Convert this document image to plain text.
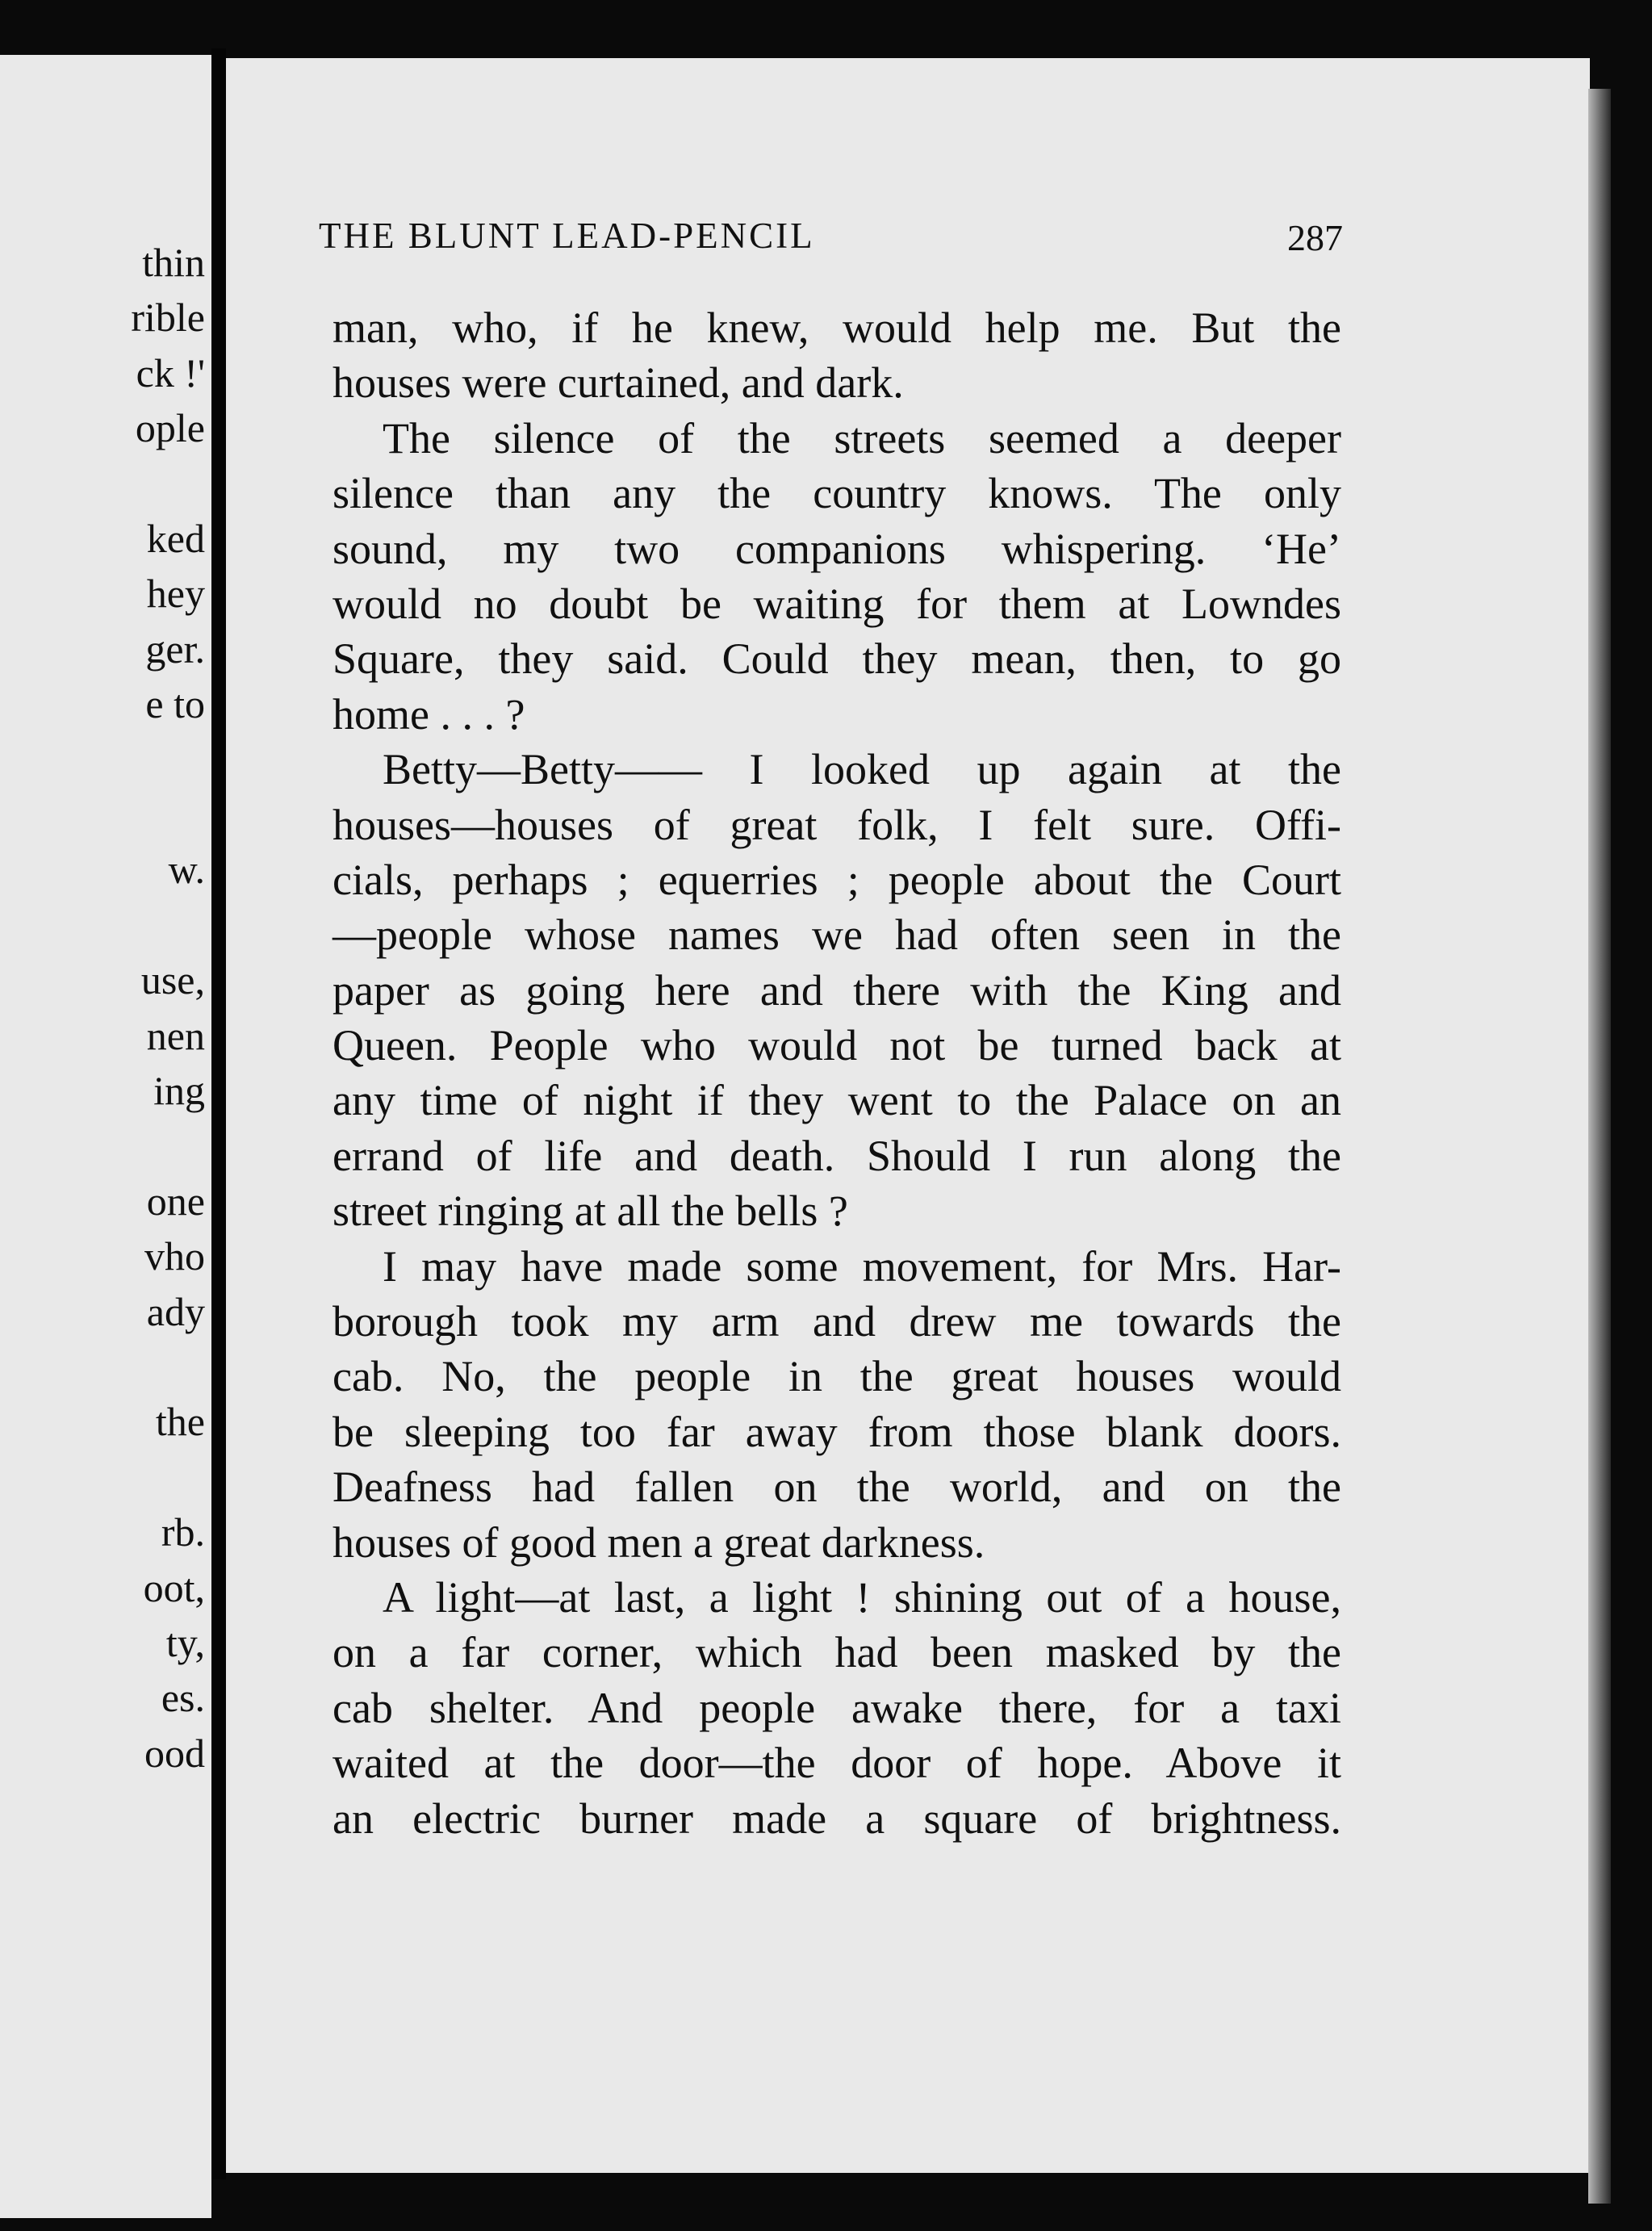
thin
rible
ck !'
ople
ked
hey
ger.
e to
w.
use,
nen
ing
one
vho
ady
the
rb.
oot,
ty,
es.
ood
THE BLUNT LEAD-PENCIL	287
man, who, if he knew, would help me. But the
houses were curtained, and dark.
The silence of the streets seemed a deeper
silence than any the country knows. The only
sound, my two companions whispering. ‘He’
would no doubt be waiting for them at Lowndes
Square, they said. Could they mean, then, to go
home . . . ?
Betty—Betty—— I looked up again at the
houses—houses of great folk, I felt sure. Offi-
cials, perhaps ; equerries ; people about the Court
—people whose names we had often seen in the
paper as going here and there with the King and
Queen. People who would not be turned back at
any time of night if they went to the Palace on an
errand of life and death. Should I run along the
street ringing at all the bells ?
I may have made some movement, for Mrs. Har-
borough took my arm and drew me towards the
cab. No, the people in the great houses would
be sleeping too far away from those blank doors.
Deafness had fallen on the world, and on the
houses of good men a great darkness.
A light—at last, a light ! shining out of a house,
on a far corner, which had been masked by the
cab shelter. And people awake there, for a taxi
waited at the door—the door of hope. Above it
an electric burner made a square of brightness.
